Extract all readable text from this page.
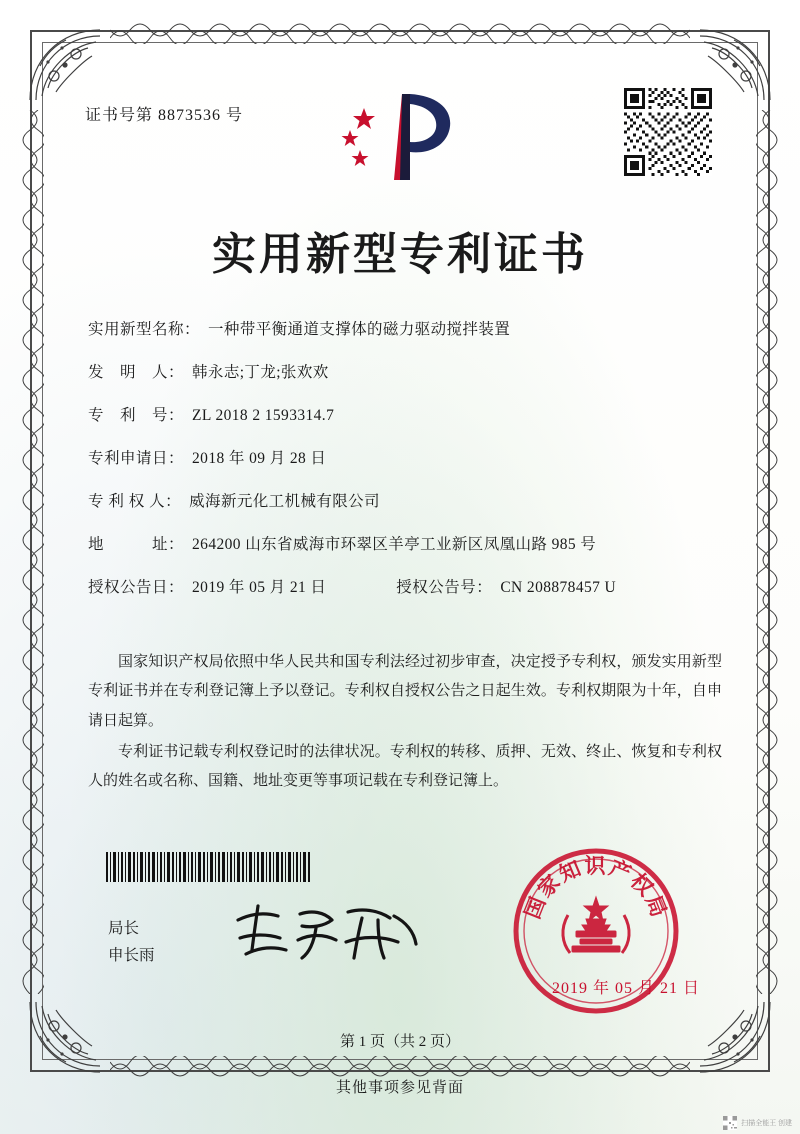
证书号第 8873536 号
实用新型专利证书
实用新型名称： 一种带平衡通道支撑体的磁力驱动搅拌装置
发　明　人： 韩永志;丁龙;张欢欢
专　利　号： ZL 2018 2 1593314.7
专利申请日： 2018 年 09 月 28 日
专 利 权 人： 威海新元化工机械有限公司
地　　　址： 264200 山东省威海市环翠区羊亭工业新区凤凰山路 985 号
授权公告日： 2019 年 05 月 21 日	授权公告号： CN 208878457 U

国家知识产权局依照中华人民共和国专利法经过初步审查，决定授予专利权，颁发实用新型专利证书并在专利登记簿上予以登记。专利权自授权公告之日起生效。专利权期限为十年，自申请日起算。

专利证书记载专利权登记时的法律状况。专利权的转移、质押、无效、终止、恢复和专利权人的姓名或名称、国籍、地址变更等事项记载在专利登记簿上。

局长
申长雨
国家知识产权局
2019 年 05 月 21 日
第 1 页（共 2 页）
其他事项参见背面
扫描全能王 创建
